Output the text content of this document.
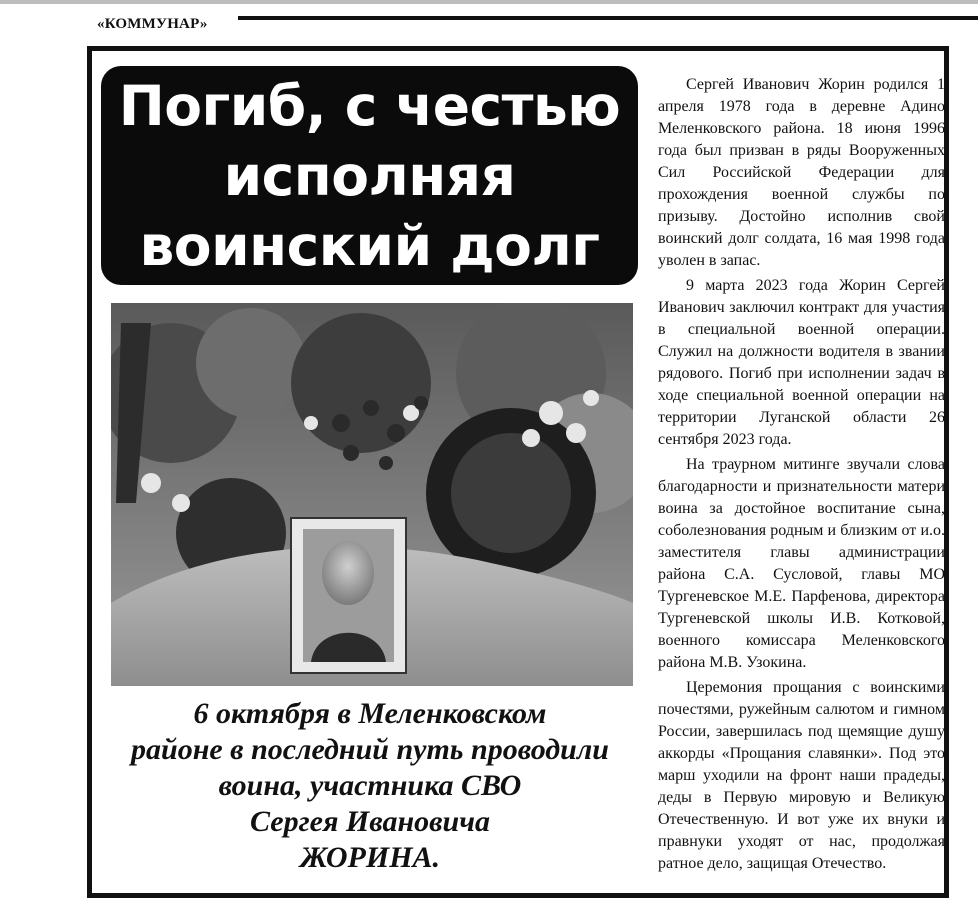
«КОММУНАР»
Погиб, с честью
исполняя
воинский долг
6 октября в Меленковском
районе в последний путь проводили
воина, участника СВО
Сергея Ивановича
ЖОРИНА.

Сергей Иванович Жорин родился 1 апреля 1978 года в деревне Адино Меленковского района. 18 июня 1996 года был призван в ряды Вооруженных Сил Российской Федерации для прохождения военной службы по призыву. Достойно исполнив свой воинский долг солдата, 16 мая 1998 года уволен в запас.

9 марта 2023 года Жорин Сергей Иванович заключил контракт для участия в специальной военной операции. Служил на должности водителя в звании рядового. Погиб при исполнении задач в ходе специальной военной операции на территории Луганской области 26 сентября 2023 года.

На траурном митинге звучали слова благодарности и признательности матери воина за достойное воспитание сына, соболезнования родным и близким от и.о. заместителя главы администрации района С.А. Сусловой, главы МО Тургеневское М.Е. Парфенова, директора Тургеневской школы И.В. Котковой, военного комиссара Меленковского района М.В. Узокина.

Церемония прощания с воинскими почестями, ружейным салютом и гимном России, завершилась под щемящие душу аккорды «Прощания славянки». Под это марш уходили на фронт наши прадеды, деды в Первую мировую и Великую Отечественную. И вот уже их внуки и правнуки уходят от нас, продолжая ратное дело, защищая Отечество.
